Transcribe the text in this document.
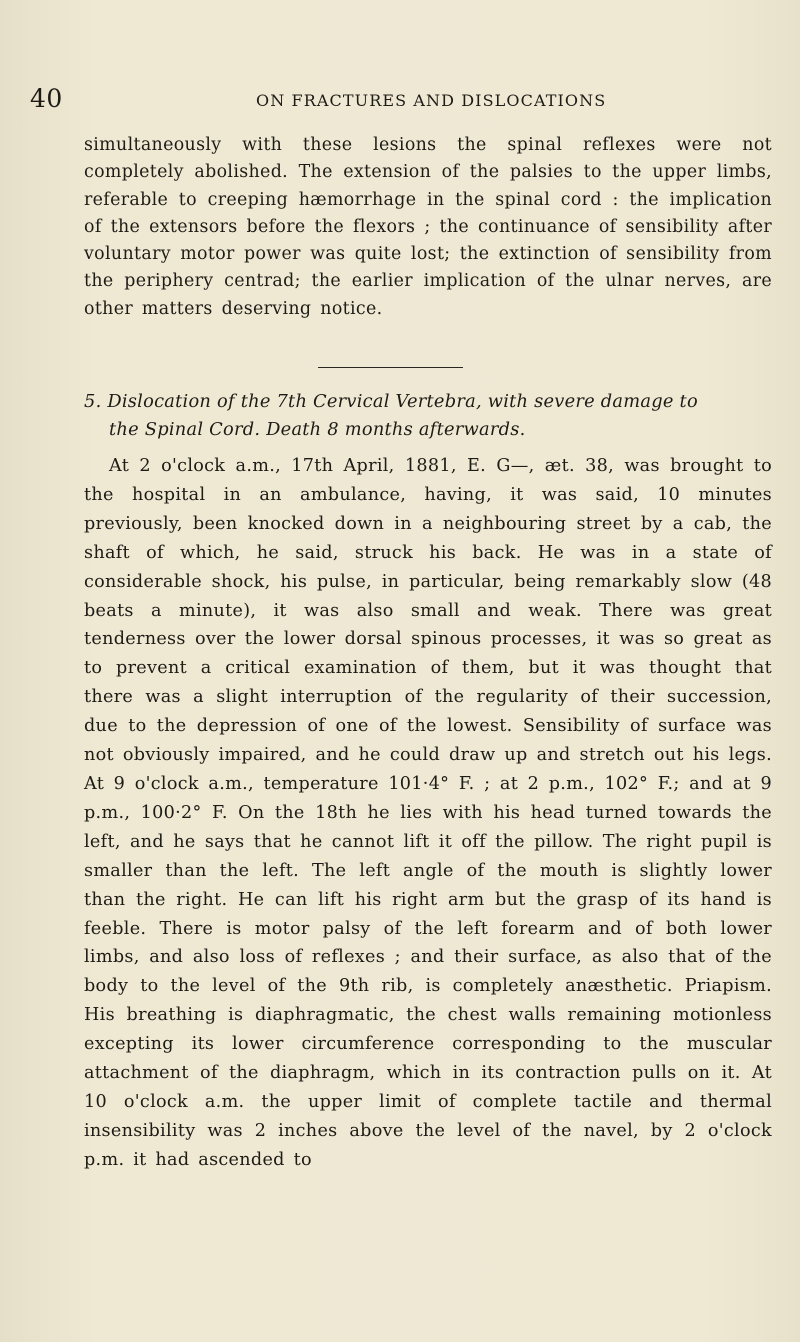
40	ON FRACTURES AND DISLOCATIONS

simultaneously with these lesions the spinal reflexes were not completely abolished. The extension of the palsies to the upper limbs, referable to creeping hæmorrhage in the spinal cord : the implication of the extensors before the flexors ; the continuance of sensibility after voluntary motor power was quite lost; the extinction of sensibility from the periphery centrad; the earlier implication of the ulnar nerves, are other matters deserving notice.

5. Dislocation of the 7th Cervical Vertebra, with severe damage to
the Spinal Cord. Death 8 months afterwards.

At 2 o'clock a.m., 17th April, 1881, E. G—, æt. 38, was brought to the hospital in an ambulance, having, it was said, 10 minutes previously, been knocked down in a neighbouring street by a cab, the shaft of which, he said, struck his back. He was in a state of considerable shock, his pulse, in particular, being remarkably slow (48 beats a minute), it was also small and weak. There was great tenderness over the lower dorsal spinous processes, it was so great as to prevent a critical examination of them, but it was thought that there was a slight interruption of the regularity of their succession, due to the depression of one of the lowest. Sensibility of surface was not obviously impaired, and he could draw up and stretch out his legs. At 9 o'clock a.m., temperature 101·4° F. ; at 2 p.m., 102° F.; and at 9 p.m., 100·2° F. On the 18th he lies with his head turned towards the left, and he says that he cannot lift it off the pillow. The right pupil is smaller than the left. The left angle of the mouth is slightly lower than the right. He can lift his right arm but the grasp of its hand is feeble. There is motor palsy of the left forearm and of both lower limbs, and also loss of reflexes ; and their surface, as also that of the body to the level of the 9th rib, is completely anæsthetic. Priapism. His breathing is diaphragmatic, the chest walls remaining motionless excepting its lower circumference corresponding to the muscular attachment of the diaphragm, which in its contraction pulls on it. At 10 o'clock a.m. the upper limit of complete tactile and thermal insensibility was 2 inches above the level of the navel, by 2 o'clock p.m. it had ascended to
